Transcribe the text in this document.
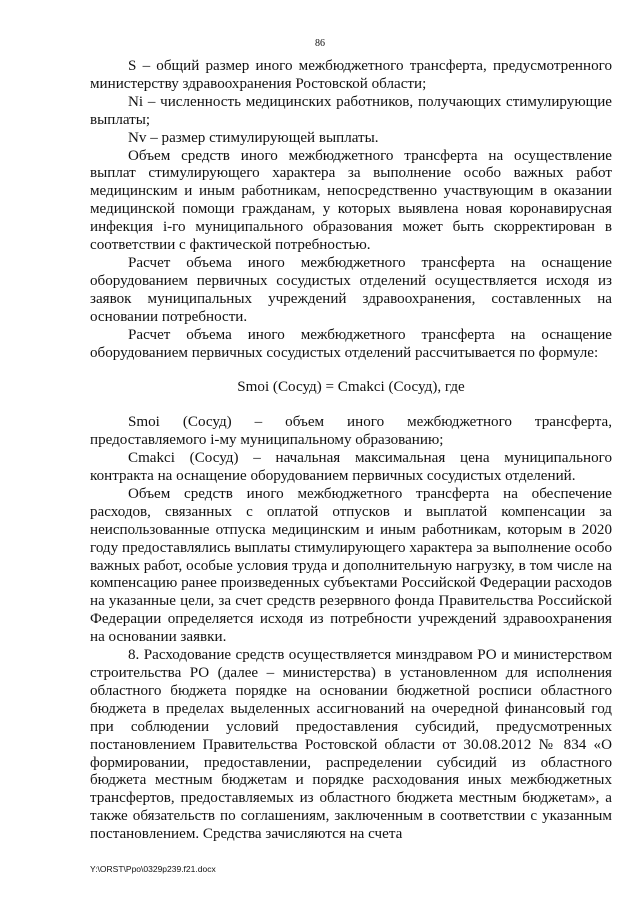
86

S – общий размер иного межбюджетного трансферта, предусмотренного министерству здравоохранения Ростовской области;

Ni – численность медицинских работников, получающих стимулирующие выплаты;

Nv – размер стимулирующей выплаты.

Объем средств иного межбюджетного трансферта на осуществление выплат стимулирующего характера за выполнение особо важных работ медицинским и иным работникам, непосредственно участвующим в оказании медицинской помощи гражданам, у которых выявлена новая коронавирусная инфекция i-го муниципального образования может быть скорректирован в соответствии с фактической потребностью.

Расчет объема иного межбюджетного трансферта на оснащение оборудованием первичных сосудистых отделений осуществляется исходя из заявок муниципальных учреждений здравоохранения, составленных на основании потребности.

Расчет объема иного межбюджетного трансферта на оснащение оборудованием первичных сосудистых отделений рассчитывается по формуле:

Smoi (Сосуд) = Cmakci (Сосуд), где

Smoi (Сосуд) – объем иного межбюджетного трансферта, предоставляемого i-му муниципальному образованию;

Cmakci (Сосуд) – начальная максимальная цена муниципального контракта на оснащение оборудованием первичных сосудистых отделений.

Объем средств иного межбюджетного трансферта на обеспечение расходов, связанных с оплатой отпусков и выплатой компенсации за неиспользованные отпуска медицинским и иным работникам, которым в 2020 году предоставлялись выплаты стимулирующего характера за выполнение особо важных работ, особые условия труда и дополнительную нагрузку, в том числе на компенсацию ранее произведенных субъектами Российской Федерации расходов на указанные цели, за счет средств резервного фонда Правительства Российской Федерации определяется исходя из потребности учреждений здравоохранения на основании заявки.

8. Расходование средств осуществляется минздравом РО и министерством строительства РО (далее – министерства) в установленном для исполнения областного бюджета порядке на основании бюджетной росписи областного бюджета в пределах выделенных ассигнований на очередной финансовый год при соблюдении условий предоставления субсидий, предусмотренных постановлением Правительства Ростовской области от 30.08.2012 № 834 «О формировании, предоставлении, распределении субсидий из областного бюджета местным бюджетам и порядке расходования иных межбюджетных трансфертов, предоставляемых из областного бюджета местным бюджетам», а также обязательств по соглашениям, заключенным в соответствии с указанным постановлением. Средства зачисляются на счета

Y:\ORST\Ppo\0329p239.f21.docx
